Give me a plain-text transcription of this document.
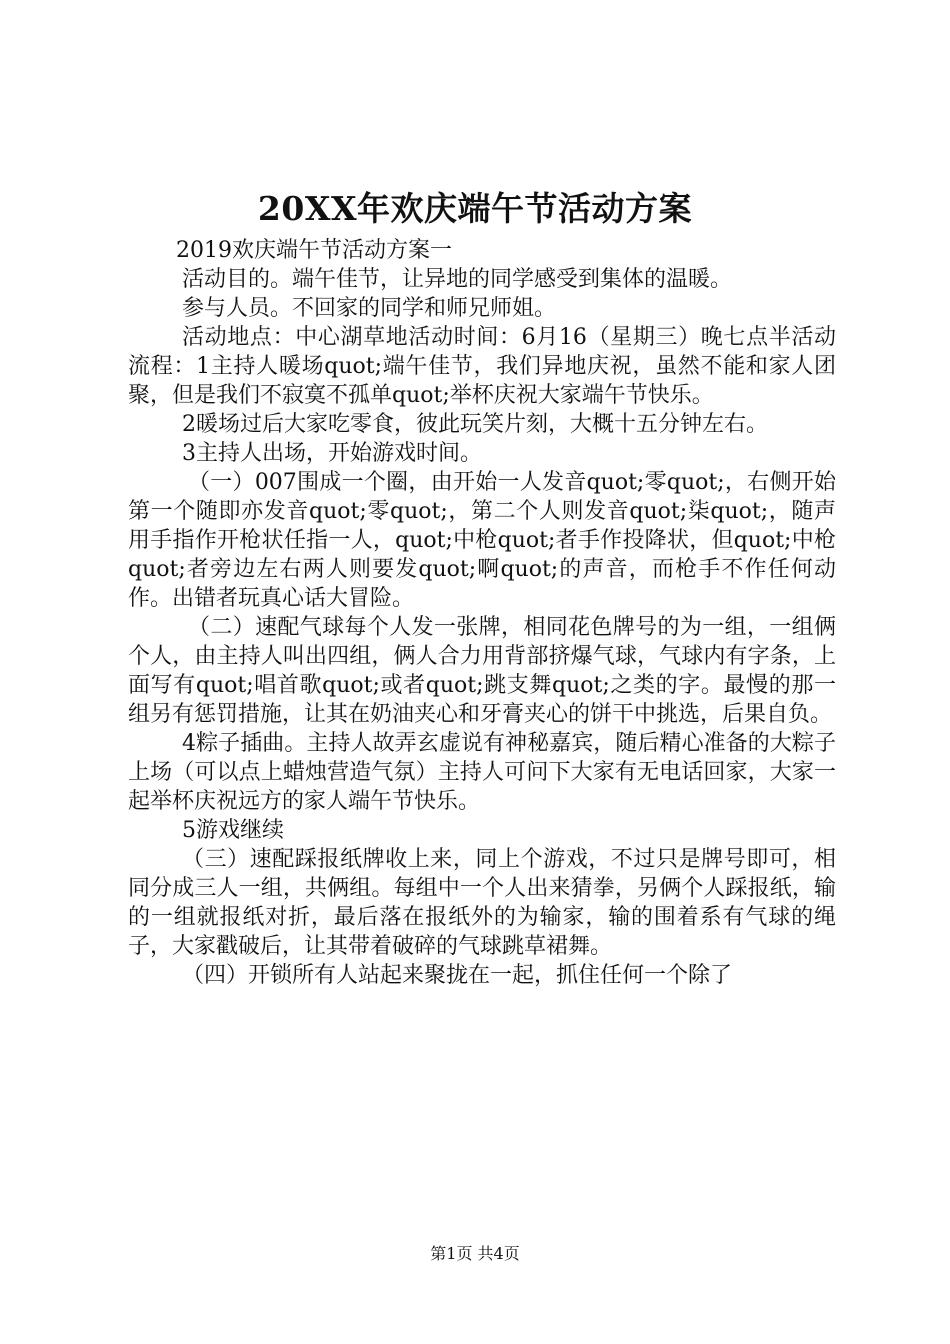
20XX年欢庆端午节活动方案

2019欢庆端午节活动方案一

活动目的。端午佳节，让异地的同学感受到集体的温暖。

参与人员。不回家的同学和师兄师姐。

活动地点：中心湖草地活动时间：6月16（星期三）晚七点半活动流程：1主持人暖场quot;端午佳节，我们异地庆祝，虽然不能和家人团聚，但是我们不寂寞不孤单quot;举杯庆祝大家端午节快乐。

2暖场过后大家吃零食，彼此玩笑片刻，大概十五分钟左右。

3主持人出场，开始游戏时间。

（一）007围成一个圈，由开始一人发音quot;零quot;，右侧开始第一个随即亦发音quot;零quot;，第二个人则发音quot;柒quot;，随声用手指作开枪状任指一人，quot;中枪quot;者手作投降状，但quot;中枪quot;者旁边左右两人则要发quot;啊quot;的声音，而枪手不作任何动作。出错者玩真心话大冒险。

（二）速配气球每个人发一张牌，相同花色牌号的为一组，一组俩个人，由主持人叫出四组，俩人合力用背部挤爆气球，气球内有字条，上面写有quot;唱首歌quot;或者quot;跳支舞quot;之类的字。最慢的那一组另有惩罚措施，让其在奶油夹心和牙膏夹心的饼干中挑选，后果自负。

4粽子插曲。主持人故弄玄虚说有神秘嘉宾，随后精心准备的大粽子上场（可以点上蜡烛营造气氛）主持人可问下大家有无电话回家，大家一起举杯庆祝远方的家人端午节快乐。

5游戏继续

（三）速配踩报纸牌收上来，同上个游戏，不过只是牌号即可，相同分成三人一组，共俩组。每组中一个人出来猜拳，另俩个人踩报纸，输的一组就报纸对折，最后落在报纸外的为输家，输的围着系有气球的绳子，大家戳破后，让其带着破碎的气球跳草裙舞。

（四）开锁所有人站起来聚拢在一起，抓住任何一个除了

第1页 共4页
